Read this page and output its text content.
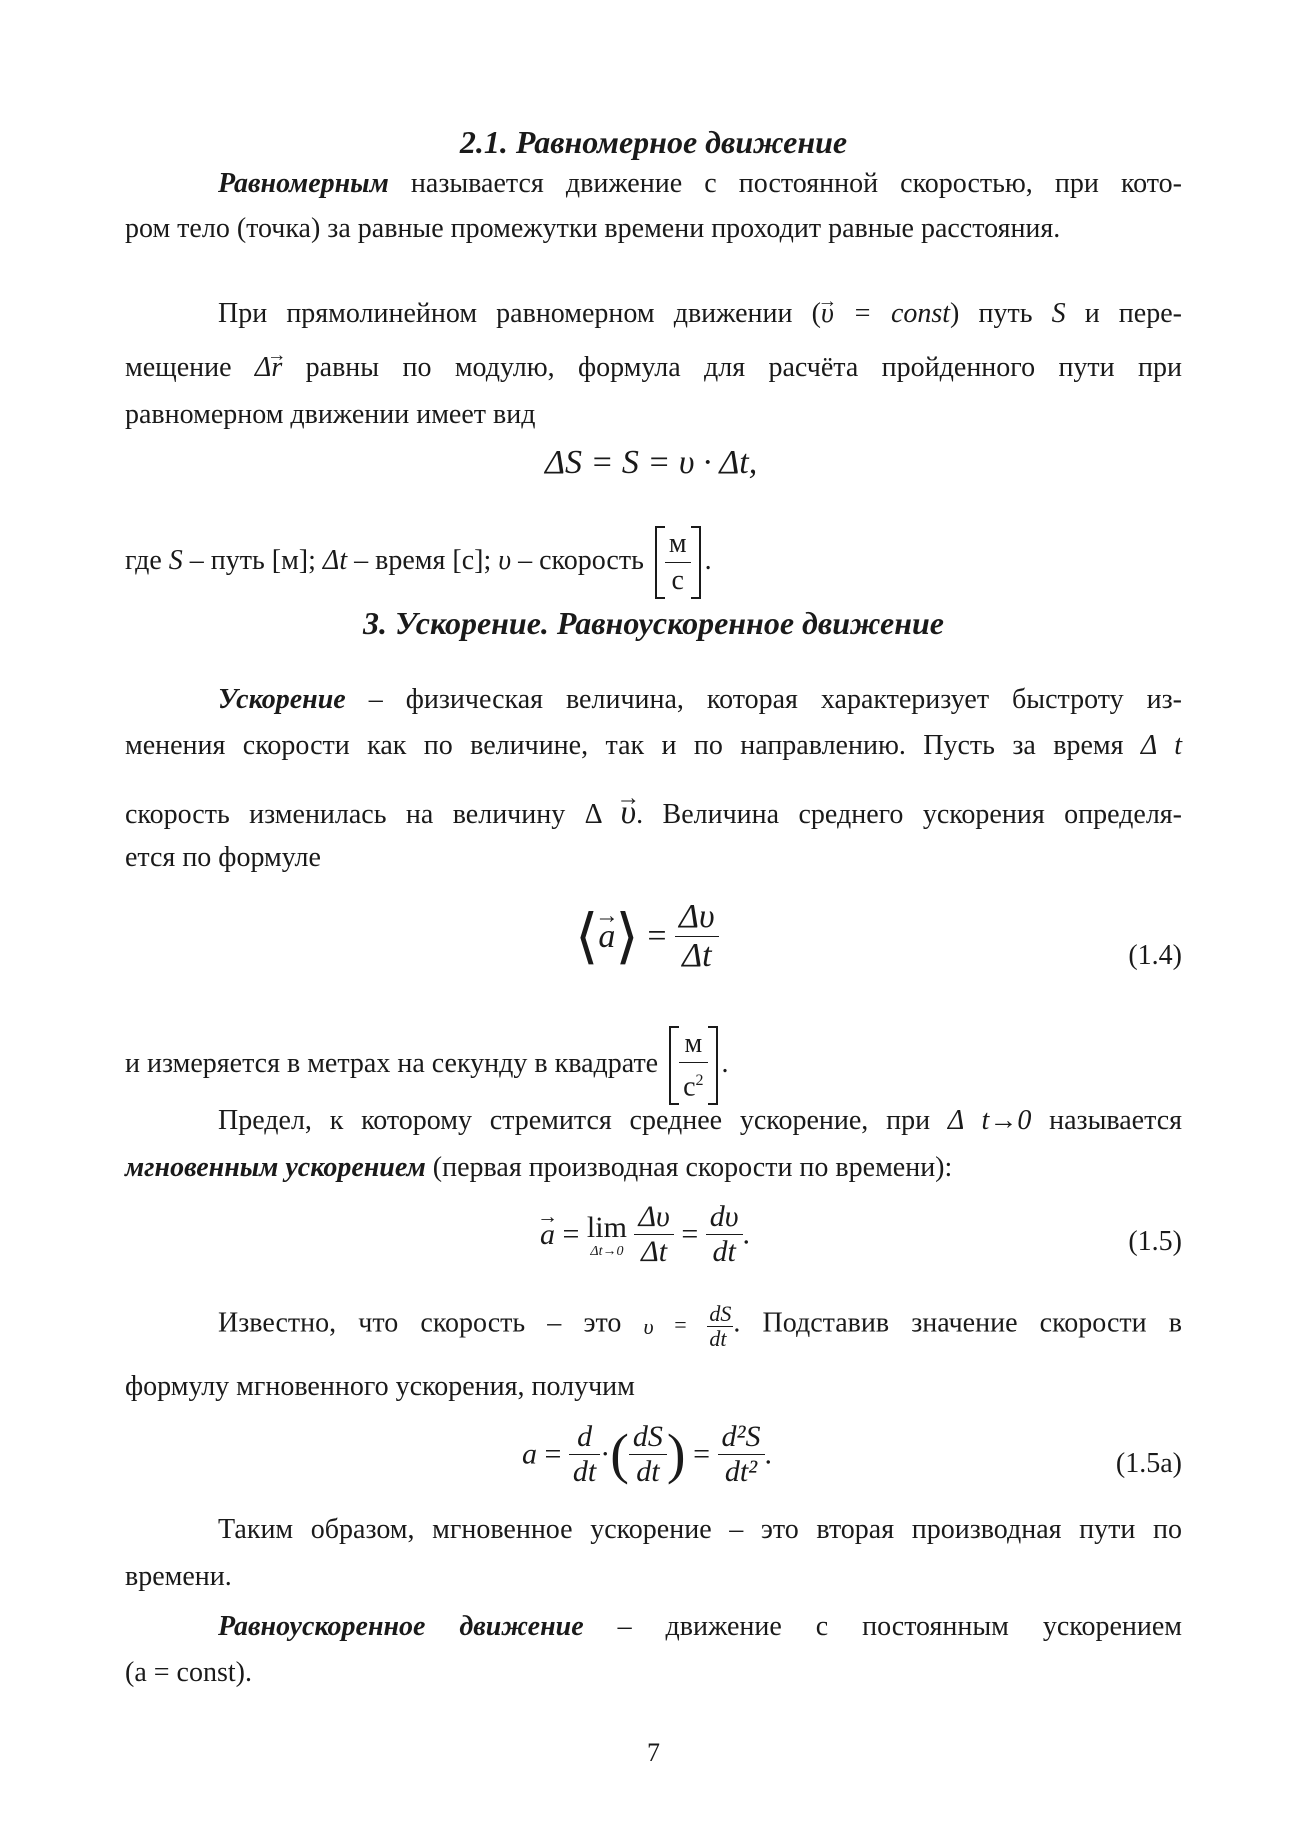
2.1. Равномерное движение
Равномерным называется движение с постоянной скоростью, при кото-
ром тело (точка) за равные промежутки времени проходит равные расстояния.
При прямолинейном равномерном движении (→ υ = const) путь S и пере-
мещение Δ→ r равны по модулю, формула для расчёта пройденного пути при
равномерном движении имеет вид
ΔS = S = υ · Δt,
где S – путь [м]; Δt – время [с]; υ – скорость $\frac{м}{с}$ .
3. Ускорение. Равноускоренное движение
Ускорение – физическая величина, которая характеризует быстроту из-
менения скорости как по величине, так и по направлению. Пусть за время Δ t
скорость изменилась на величину Δ → υ. Величина среднего ускорения определя-
ется по формуле
⟨→ a⟩ = $\frac{\Delta\upsilon}{\Delta t}$	(1.4)
и измеряется в метрах на секунду в квадрате $\frac{м}{с^2}$ .
Предел, к которому стремится среднее ускорение, при Δ t→0 называется
мгновенным ускорением (первая производная скорости по времени):
→ a = lim
Δt→0
$\frac{\Delta\upsilon}{\Delta t} = \frac{d\upsilon}{dt}$ .	(1.5)
Известно, что скорость – это $\upsilon = \frac{dS}{dt}$ . Подставив значение скорости в
формулу мгновенного ускорения, получим
$a = \frac{d}{dt}$ ·( $\frac{dS}{dt}$ ) = $\frac{\text{d²S}}{\text{dt²}}$ .	(1.5a)
Таким образом, мгновенное ускорение – это вторая производная пути по
времени.
Равноускоренное движение – движение с постоянным ускорением
(a = const).
7
